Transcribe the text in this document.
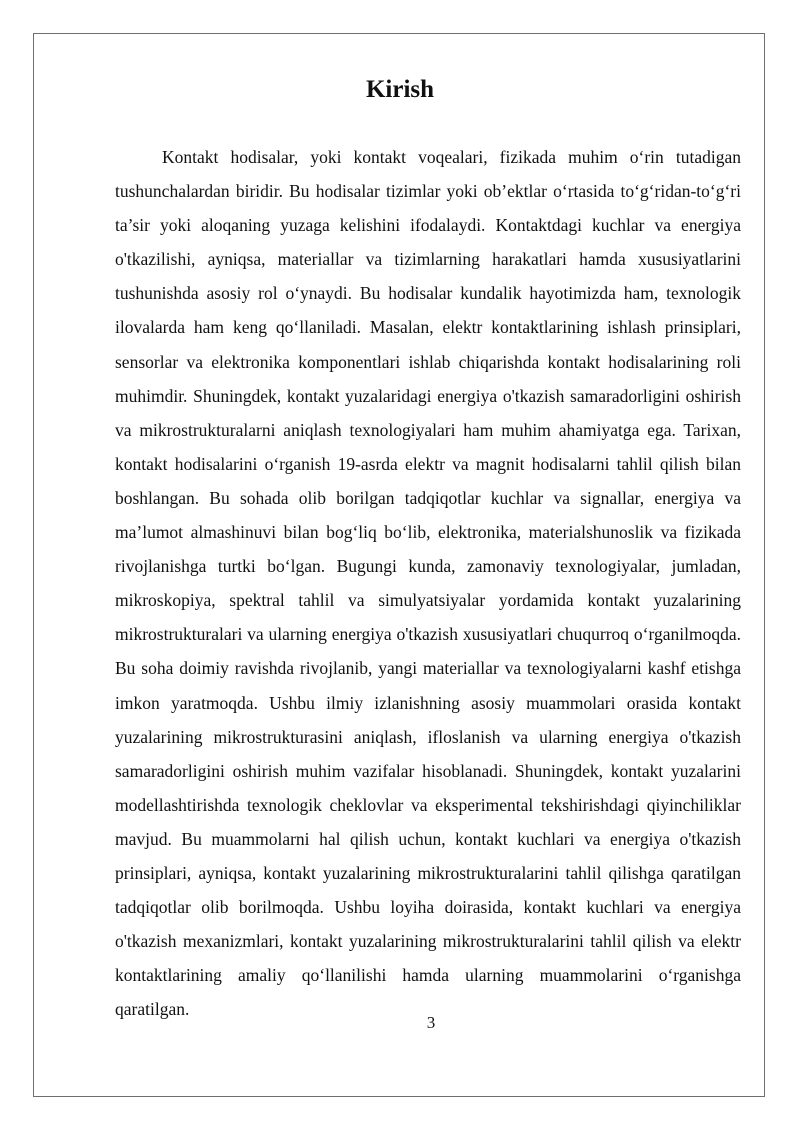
Kirish

Kontakt hodisalar, yoki kontakt voqealari, fizikada muhim o‘rin tutadigan tushunchalardan biridir. Bu hodisalar tizimlar yoki ob’ektlar o‘rtasida to‘g‘ridan-to‘g‘ri ta’sir yoki aloqaning yuzaga kelishini ifodalaydi. Kontaktdagi kuchlar va energiya o'tkazilishi, ayniqsa, materiallar va tizimlarning harakatlari hamda xususiyatlarini tushunishda asosiy rol o‘ynaydi. Bu hodisalar kundalik hayotimizda ham, texnologik ilovalarda ham keng qo‘llaniladi. Masalan, elektr kontaktlarining ishlash prinsiplari, sensorlar va elektronika komponentlari ishlab chiqarishda kontakt hodisalarining roli muhimdir. Shuningdek, kontakt yuzalaridagi energiya o'tkazish samaradorligini oshirish va mikrostrukturalarni aniqlash texnologiyalari ham muhim ahamiyatga ega. Tarixan, kontakt hodisalarini o‘rganish 19-asrda elektr va magnit hodisalarni tahlil qilish bilan boshlangan. Bu sohada olib borilgan tadqiqotlar kuchlar va signallar, energiya va ma’lumot almashinuvi bilan bog‘liq bo‘lib, elektronika, materialshunoslik va fizikada rivojlanishga turtki bo‘lgan. Bugungi kunda, zamonaviy texnologiyalar, jumladan, mikroskopiya, spektral tahlil va simulyatsiyalar yordamida kontakt yuzalarining mikrostrukturalari va ularning energiya o'tkazish xususiyatlari chuqurroq o‘rganilmoqda. Bu soha doimiy ravishda rivojlanib, yangi materiallar va texnologiyalarni kashf etishga imkon yaratmoqda. Ushbu ilmiy izlanishning asosiy muammolari orasida kontakt yuzalarining mikrostrukturasini aniqlash, ifloslanish va ularning energiya o'tkazish samaradorligini oshirish muhim vazifalar hisoblanadi. Shuningdek, kontakt yuzalarini modellashtirishda texnologik cheklovlar va eksperimental tekshirishdagi qiyinchiliklar mavjud. Bu muammolarni hal qilish uchun, kontakt kuchlari va energiya o'tkazish prinsiplari, ayniqsa, kontakt yuzalarining mikrostrukturalarini tahlil qilishga qaratilgan tadqiqotlar olib borilmoqda. Ushbu loyiha doirasida, kontakt kuchlari va energiya o'tkazish mexanizmlari, kontakt yuzalarining mikrostrukturalarini tahlil qilish va elektr kontaktlarining amaliy qo‘llanilishi hamda ularning muammolarini o‘rganishga qaratilgan.

3
